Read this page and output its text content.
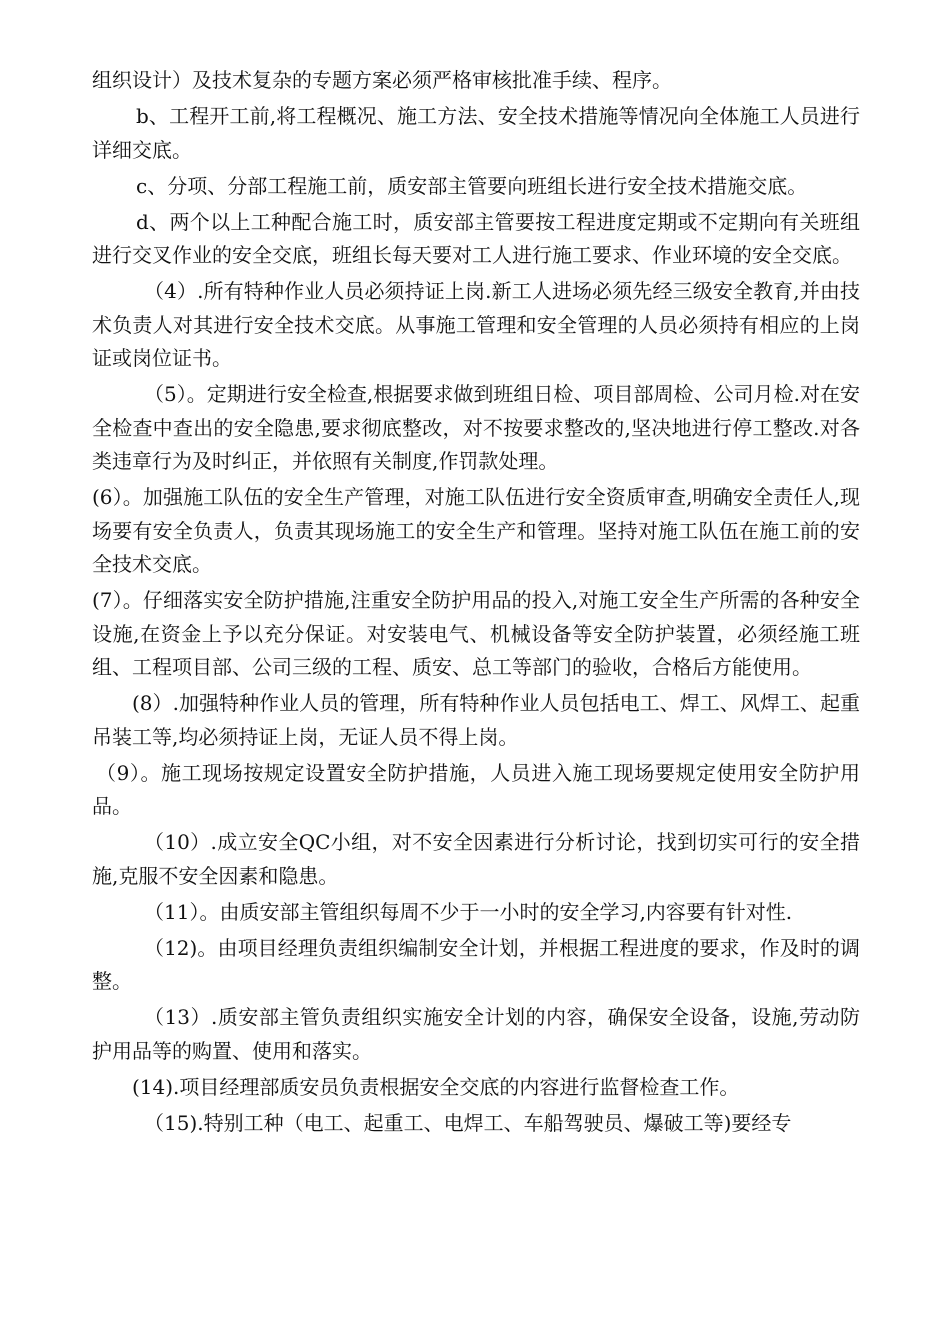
组织设计）及技术复杂的专题方案必须严格审核批准手续、程序。

b、工程开工前,将工程概况、施工方法、安全技术措施等情况向全体施工人员进行详细交底。

c、分项、分部工程施工前，质安部主管要向班组长进行安全技术措施交底。

d、两个以上工种配合施工时，质安部主管要按工程进度定期或不定期向有关班组进行交叉作业的安全交底，班组长每天要对工人进行施工要求、作业环境的安全交底。

（4）.所有特种作业人员必须持证上岗.新工人进场必须先经三级安全教育,并由技术负责人对其进行安全技术交底。从事施工管理和安全管理的人员必须持有相应的上岗证或岗位证书。

（5）。定期进行安全检查,根据要求做到班组日检、项目部周检、公司月检.对在安全检查中查出的安全隐患,要求彻底整改，对不按要求整改的,坚决地进行停工整改.对各类违章行为及时纠正，并依照有关制度,作罚款处理。

(6）。加强施工队伍的安全生产管理，对施工队伍进行安全资质审查,明确安全责任人,现场要有安全负责人，负责其现场施工的安全生产和管理。坚持对施工队伍在施工前的安全技术交底。

(7）。仔细落实安全防护措施,注重安全防护用品的投入,对施工安全生产所需的各种安全设施,在资金上予以充分保证。对安装电气、机械设备等安全防护装置，必须经施工班组、工程项目部、公司三级的工程、质安、总工等部门的验收，合格后方能使用。

(8）.加强特种作业人员的管理，所有特种作业人员包括电工、焊工、风焊工、起重吊装工等,均必须持证上岗，无证人员不得上岗。

（9）。施工现场按规定设置安全防护措施，人员进入施工现场要规定使用安全防护用品。

（10）.成立安全QC小组，对不安全因素进行分析讨论，找到切实可行的安全措施,克服不安全因素和隐患。

（11）。由质安部主管组织每周不少于一小时的安全学习,内容要有针对性.

（12)。由项目经理负责组织编制安全计划，并根据工程进度的要求，作及时的调整。

（13）.质安部主管负责组织实施安全计划的内容，确保安全设备，设施,劳动防护用品等的购置、使用和落实。

(14).项目经理部质安员负责根据安全交底的内容进行监督检查工作。

（15).特别工种（电工、起重工、电焊工、车船驾驶员、爆破工等)要经专
